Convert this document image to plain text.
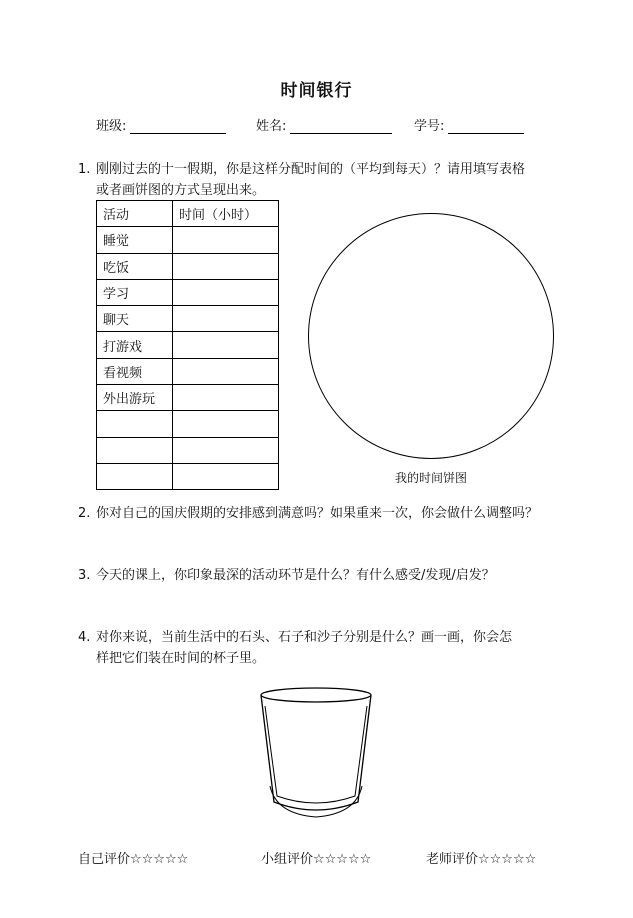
时间银行
班级:	姓名:	学号:
1. 刚刚过去的十一假期，你是这样分配时间的（平均到每天）？请用填写表格
或者画饼图的方式呈现出来。
活动	时间（小时）
睡觉	
吃饭	
学习	
聊天	
打游戏	
看视频	
外出游玩	

我的时间饼图
2. 你对自己的国庆假期的安排感到满意吗？如果重来一次，你会做什么调整吗？
3. 今天的课上，你印象最深的活动环节是什么？有什么感受/发现/启发？
4. 对你来说，当前生活中的石头、石子和沙子分别是什么？画一画，你会怎
样把它们装在时间的杯子里。
自己评价☆☆☆☆☆	小组评价☆☆☆☆☆	老师评价☆☆☆☆☆
